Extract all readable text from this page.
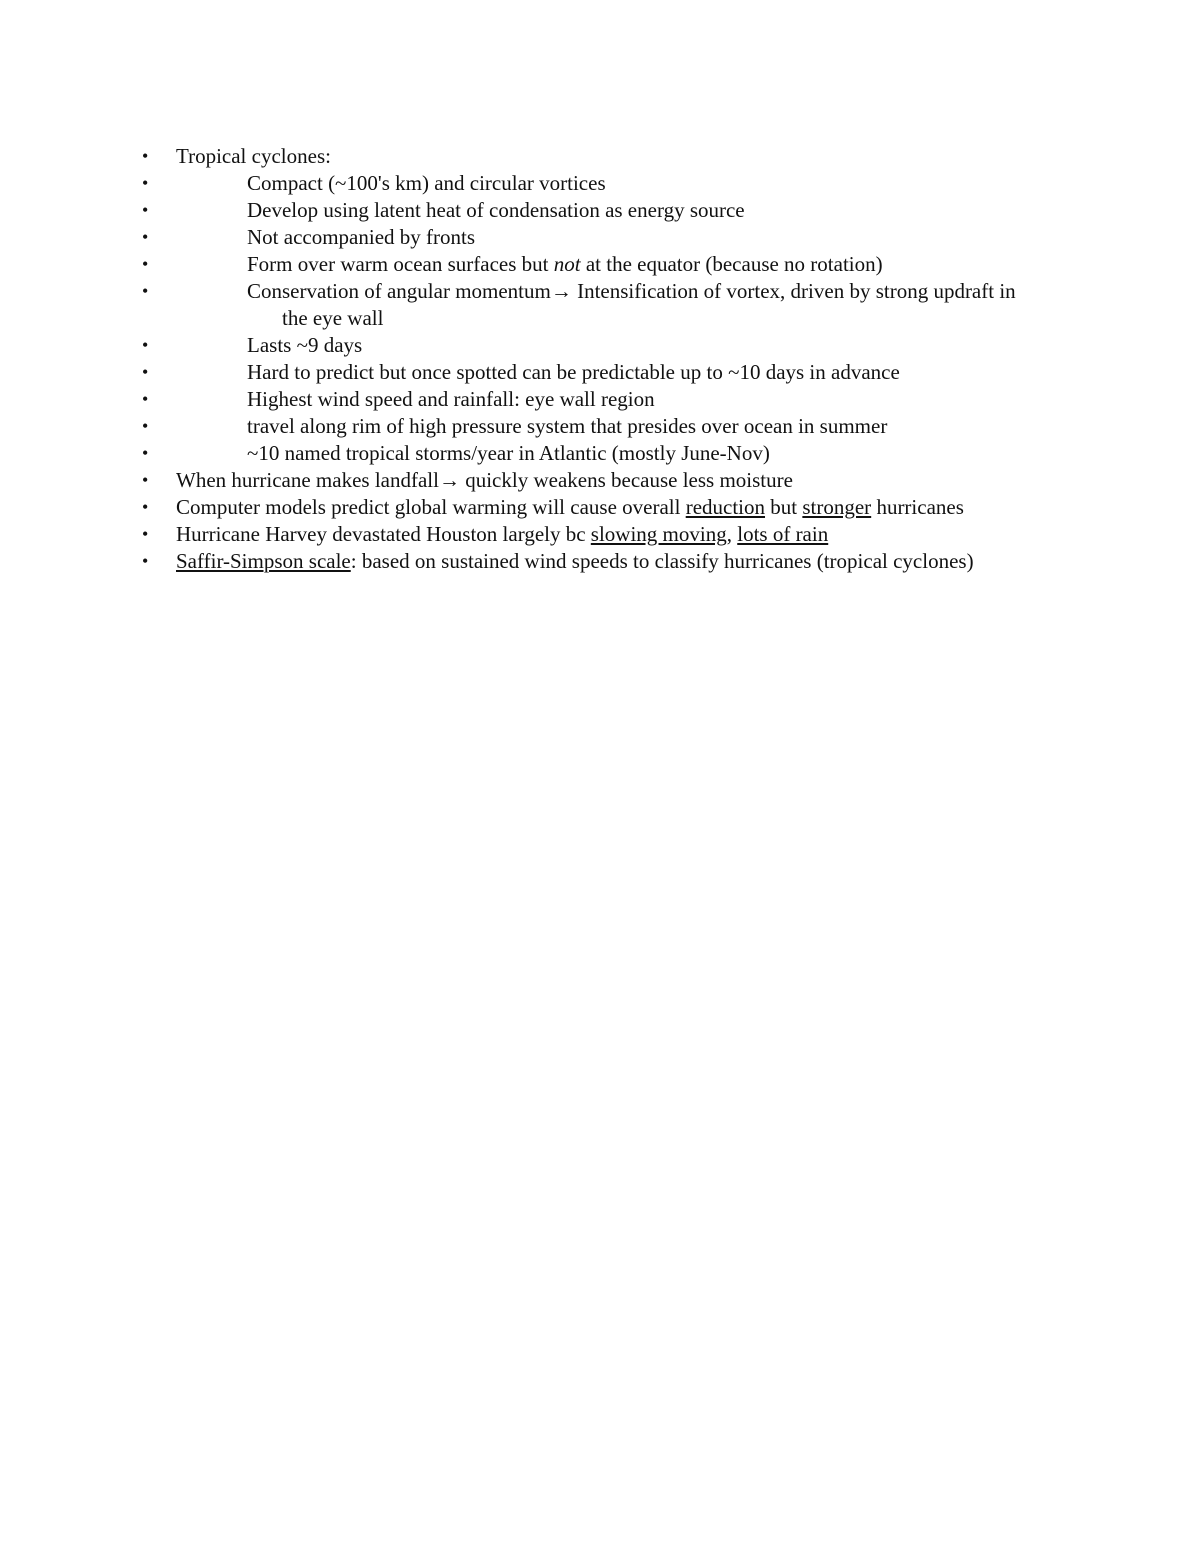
• Tropical cyclones:
•	Compact (~100's km) and circular vortices
•	Develop using latent heat of condensation as energy source
•	Not accompanied by fronts
•	Form over warm ocean surfaces but not at the equator (because no rotation)
•	Conservation of angular momentum→ Intensification of vortex, driven by strong updraft in the eye wall
•	Lasts ~9 days
•	Hard to predict but once spotted can be predictable up to ~10 days in advance
•	Highest wind speed and rainfall: eye wall region
•	travel along rim of high pressure system that presides over ocean in summer
•	~10 named tropical storms/year in Atlantic (mostly June-Nov)
• When hurricane makes landfall→ quickly weakens because less moisture
• Computer models predict global warming will cause overall reduction but stronger hurricanes
• Hurricane Harvey devastated Houston largely bc slowing moving, lots of rain
• Saffir-Simpson scale: based on sustained wind speeds to classify hurricanes (tropical cyclones)
